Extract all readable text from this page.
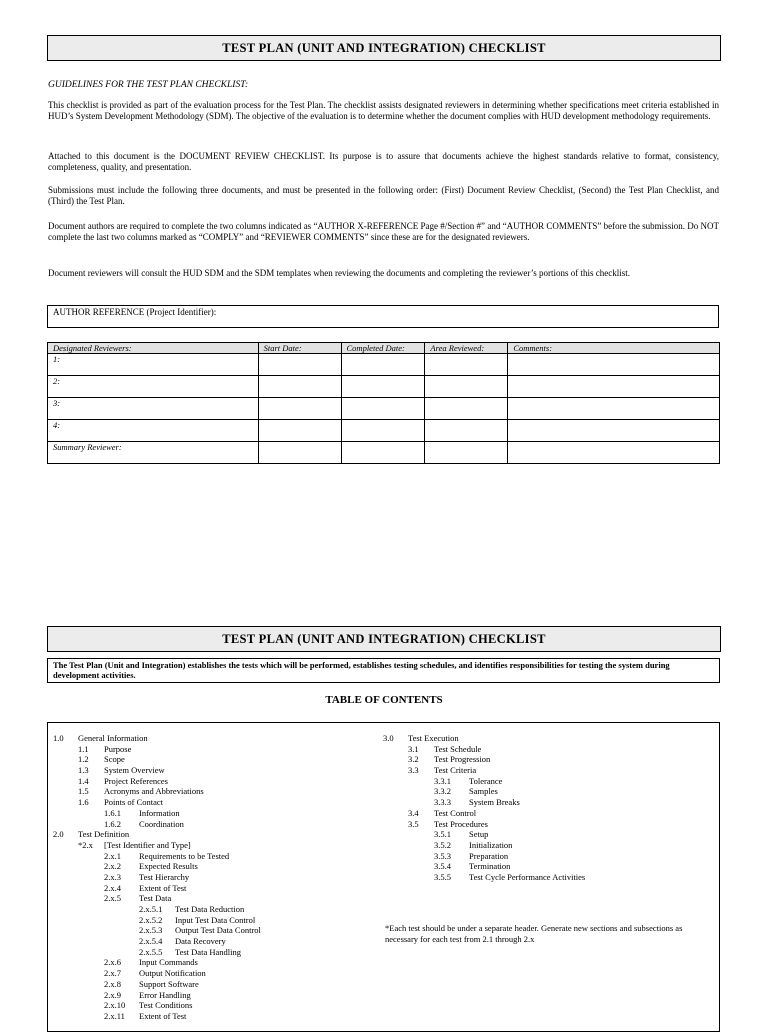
TEST PLAN (UNIT AND INTEGRATION) CHECKLIST

GUIDELINES FOR THE TEST PLAN CHECKLIST:

This checklist is provided as part of the evaluation process for the Test Plan. The checklist assists designated reviewers in determining whether specifications meet criteria established in HUD’s System Development Methodology (SDM). The objective of the evaluation is to determine whether the document complies with HUD development methodology requirements.

Attached to this document is the DOCUMENT REVIEW CHECKLIST. Its purpose is to assure that documents achieve the highest standards relative to format, consistency, completeness, quality, and presentation.

Submissions must include the following three documents, and must be presented in the following order: (First) Document Review Checklist, (Second) the Test Plan Checklist, and (Third) the Test Plan.

Document authors are required to complete the two columns indicated as “AUTHOR X-REFERENCE Page #/Section #” and “AUTHOR COMMENTS” before the submission. Do NOT complete the last two columns marked as “COMPLY” and “REVIEWER COMMENTS” since these are for the designated reviewers.

Document reviewers will consult the HUD SDM and the SDM templates when reviewing the documents and completing the reviewer’s portions of this checklist.

AUTHOR REFERENCE (Project Identifier):
Designated Reviewers:	Start Date:	Completed Date:	Area Reviewed:	Comments:
1:				
2:				
3:				
4:				
Summary Reviewer:				
TEST PLAN (UNIT AND INTEGRATION) CHECKLIST
The Test Plan (Unit and Integration) establishes the tests which will be performed, establishes testing schedules, and identifies responsibilities for testing the system during development activities.
TABLE OF CONTENTS
1.0 General Information
1.1 Purpose
1.2 Scope
1.3 System Overview
1.4 Project References
1.5 Acronyms and Abbreviations
1.6 Points of Contact
1.6.1 Information
1.6.2 Coordination
2.0 Test Definition
*2.x [Test Identifier and Type]
2.x.1 Requirements to be Tested
2.x.2 Expected Results
2.x.3 Test Hierarchy
2.x.4 Extent of Test
2.x.5 Test Data
2.x.5.1 Test Data Reduction
2.x.5.2 Input Test Data Control
2.x.5.3 Output Test Data Control
2.x.5.4 Data Recovery
2.x.5.5 Test Data Handling
2.x.6 Input Commands
2.x.7 Output Notification
2.x.8 Support Software
2.x.9 Error Handling
2.x.10 Test Conditions
2.x.11 Extent of Test
3.0 Test Execution
3.1 Test Schedule
3.2 Test Progression
3.3 Test Criteria
3.3.1 Tolerance
3.3.2 Samples
3.3.3 System Breaks
3.4 Test Control
3.5 Test Procedures
3.5.1 Setup
3.5.2 Initialization
3.5.3 Preparation
3.5.4 Termination
3.5.5 Test Cycle Performance Activities
*Each test should be under a separate header. Generate new sections and subsections as necessary for each test from 2.1 through 2.x
